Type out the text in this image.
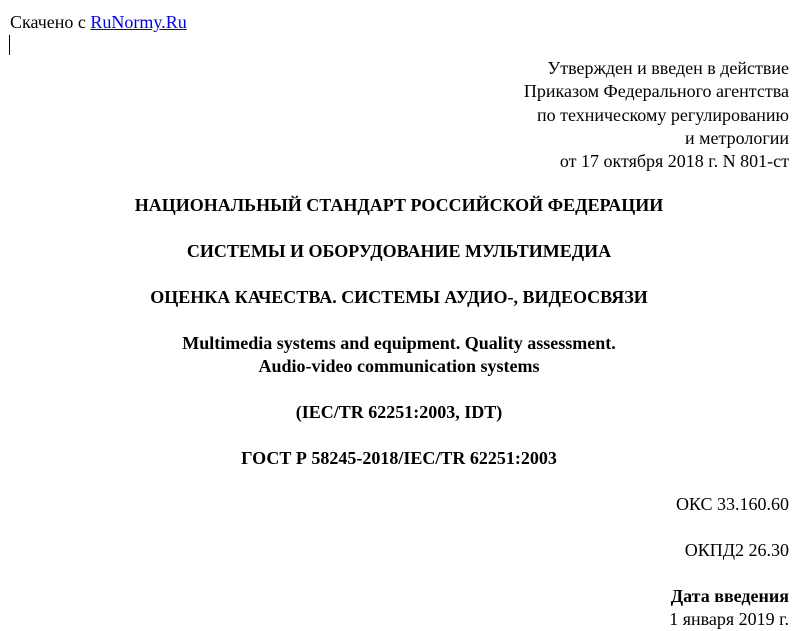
Скачено с RuNormy.Ru
Утвержден и введен в действие
Приказом Федерального агентства
по техническому регулированию
и метрологии
от 17 октября 2018 г. N 801-ст
НАЦИОНАЛЬНЫЙ СТАНДАРТ РОССИЙСКОЙ ФЕДЕРАЦИИ
СИСТЕМЫ И ОБОРУДОВАНИЕ МУЛЬТИМЕДИА
ОЦЕНКА КАЧЕСТВА. СИСТЕМЫ АУДИО-, ВИДЕОСВЯЗИ
Multimedia systems and equipment. Quality assessment.
Audio-video communication systems
(IEC/TR 62251:2003, IDT)
ГОСТ Р 58245-2018/IEC/TR 62251:2003
ОКС 33.160.60
ОКПД2 26.30
Дата введения
1 января 2019 г.
